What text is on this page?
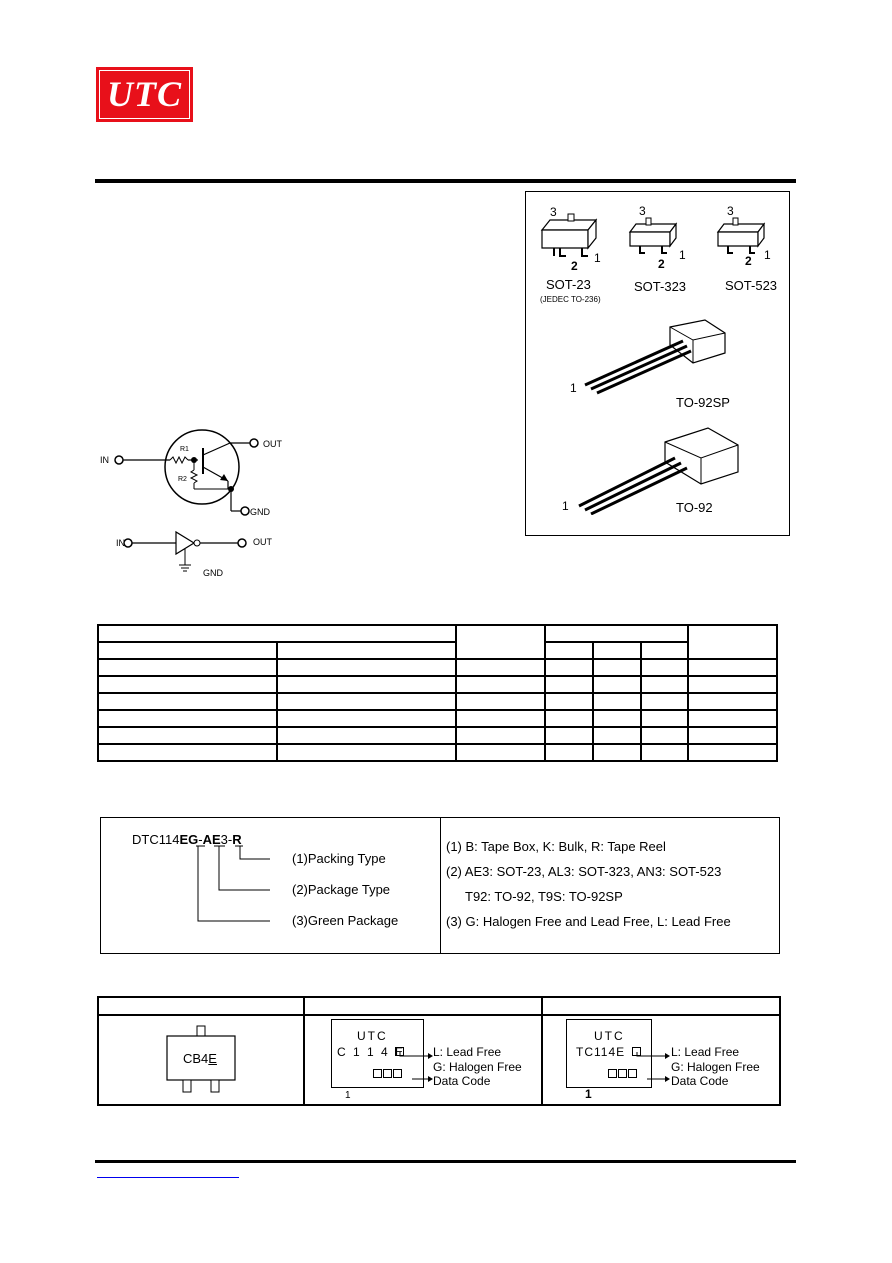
UTC
3
2
1
SOT-23
(JEDEC TO-236)
3
2
1
SOT-323
3
2 1
SOT-523
1
TO-92SP
1	TO-92
IN
OUT
GND
R1
R2
IN	OUT
GND

DTC114EG-AE3-R
(1)Packing Type
(2)Package Type
(3)Green Package
(1) B: Tape Box, K: Bulk, R: Tape Reel
(2) AE3: SOT-23, AL3: SOT-323, AN3: SOT-523
T92: TO-92, T9S: TO-92SP
(3) G: Halogen Free and Lead Free, L: Lead Free

CB4E
UTC
C 1 1 4 E
1
L: Lead Free
G: Halogen Free
Data Code
UTC
TC114E
1
L: Lead Free
G: Halogen Free
Data Code
